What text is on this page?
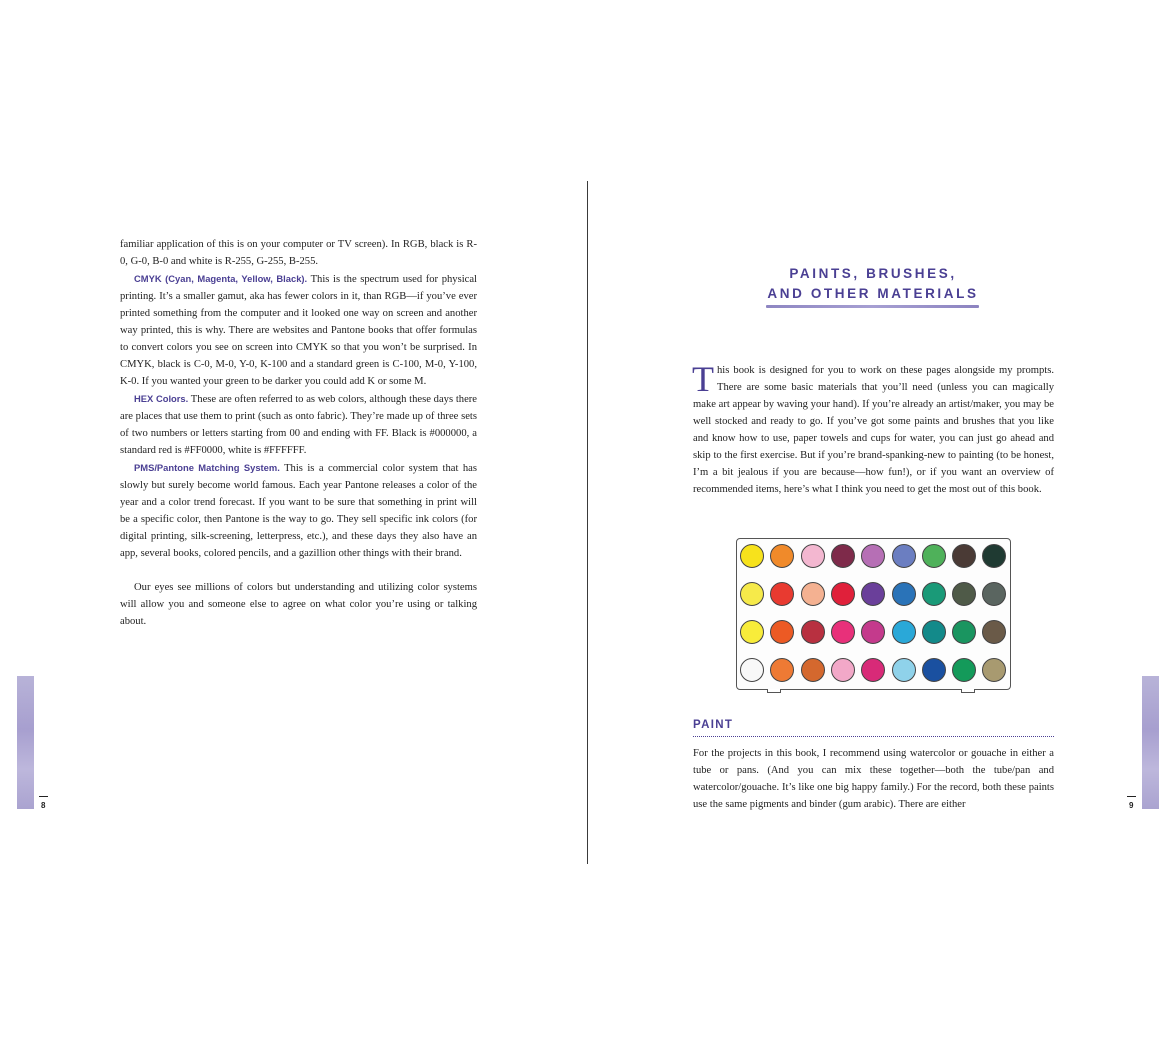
familiar application of this is on your computer or TV screen). In RGB, black is R-0, G-0, B-0 and white is R-255, G-255, B-255.

CMYK (Cyan, Magenta, Yellow, Black). This is the spectrum used for physical printing. It’s a smaller gamut, aka has fewer colors in it, than RGB—if you’ve ever printed something from the computer and it looked one way on screen and another way printed, this is why. There are websites and Pantone books that offer formulas to convert colors you see on screen into CMYK so that you won’t be surprised. In CMYK, black is C-0, M-0, Y-0, K-100 and a standard green is C-100, M-0, Y-100, K-0. If you wanted your green to be darker you could add K or some M.

HEX Colors. These are often referred to as web colors, although these days there are places that use them to print (such as onto fabric). They’re made up of three sets of two numbers or letters starting from 00 and ending with FF. Black is #000000, a standard red is #FF0000, white is #FFFFFF.

PMS/Pantone Matching System. This is a commercial color system that has slowly but surely become world famous. Each year Pantone releases a color of the year and a color trend forecast. If you want to be sure that something in print will be a specific color, then Pantone is the way to go. They sell specific ink colors (for digital printing, silk-screening, letterpress, etc.), and these days they also have an app, several books, colored pencils, and a gazillion other things with their brand.

Our eyes see millions of colors but understanding and utilizing color systems will allow you and someone else to agree on what color you’re using or talking about.

8
PAINTS, BRUSHES,
AND OTHER MATERIALS

This book is designed for you to work on these pages alongside my prompts. There are some basic materials that you’ll need (unless you can magically make art appear by waving your hand). If you’re already an artist/maker, you may be well stocked and ready to go. If you’ve got some paints and brushes that you like and know how to use, paper towels and cups for water, you can just go ahead and skip to the first exercise. But if you’re brand-spanking-new to painting (to be honest, I’m a bit jealous if you are because—how fun!), or if you want an overview of recommended items, here’s what I think you need to get the most out of this book.

PAINT

For the projects in this book, I recommend using watercolor or gouache in either a tube or pans. (And you can mix these together—both the tube/pan and watercolor/gouache. It’s like one big happy family.) For the record, both these paints use the same pigments and binder (gum arabic). There are either	9
